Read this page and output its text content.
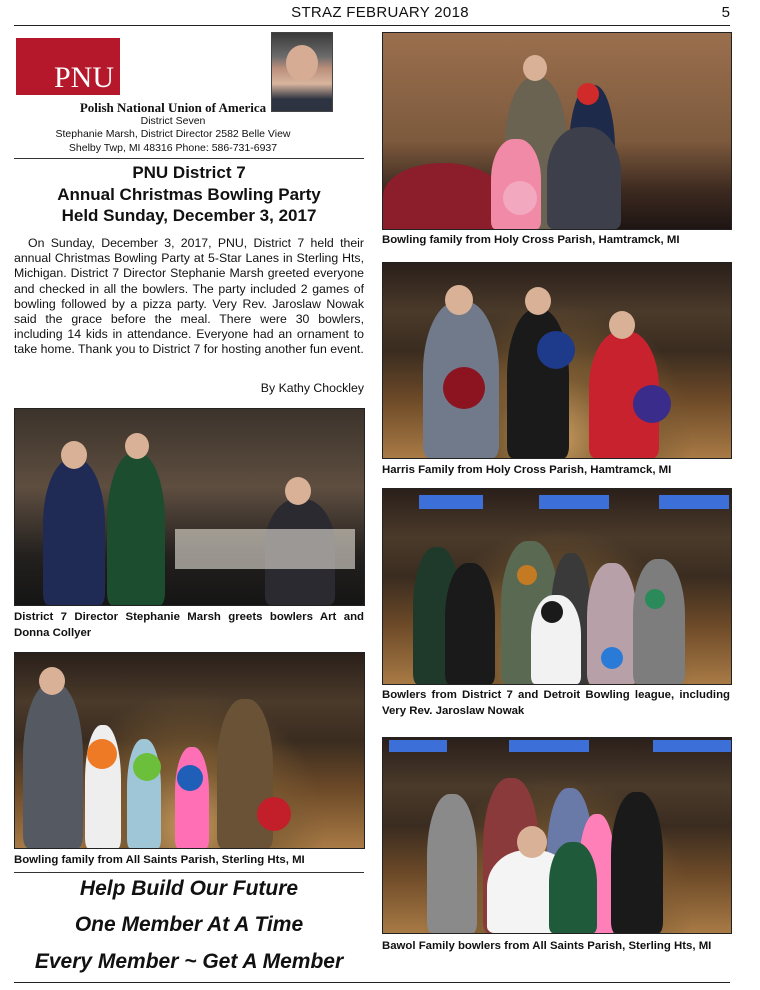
STRAZ FEBRUARY 2018	5
PNU
Polish National Union of America
District Seven
Stephanie Marsh, District Director 2582 Belle View
Shelby Twp, MI 48316 Phone: 586-731-6937
PNU District 7
Annual Christmas Bowling Party
Held Sunday, December 3, 2017
On Sunday, December 3, 2017, PNU, District 7 held their annual Christmas Bowling Party at 5-Star Lanes in Sterling Hts, Michigan. District 7 Director Stephanie Marsh greeted everyone and checked in all the bowlers. The party included 2 games of bowling followed by a pizza party. Very Rev. Jaroslaw Nowak said the grace before the meal. There were 30 bowlers, including 14 kids in attendance. Everyone had an ornament to take home. Thank you to District 7 for hosting another fun event.
By Kathy Chockley
District 7 Director Stephanie Marsh greets bowlers Art and Donna Collyer
Bowling family from All Saints Parish, Sterling Hts, MI
Help Build Our Future
One Member At A Time
Every Member ~ Get A Member
Bowling family from Holy Cross Parish, Hamtramck, MI
Harris Family from Holy Cross Parish, Hamtramck, MI
Bowlers from District 7 and Detroit Bowling league, including Very Rev. Jaroslaw Nowak
Bawol Family bowlers from All Saints Parish, Sterling Hts, MI
